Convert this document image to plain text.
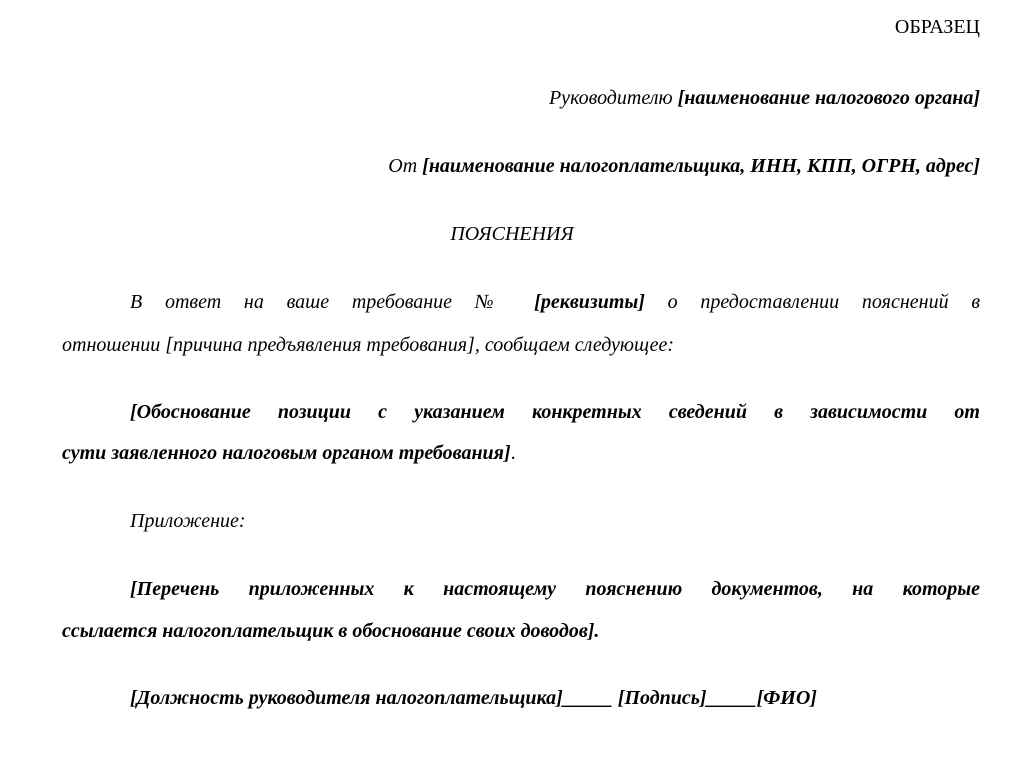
ОБРАЗЕЦ
Руководителю [наименование налогового органа]
От [наименование налогоплательщика, ИНН, КПП, ОГРН, адрес]
ПОЯСНЕНИЯ
В ответ на ваше требование № [реквизиты] о предоставлении пояснений в
отношении [причина предъявления требования], сообщаем следующее:
[Обоснование позиции с указанием конкретных сведений в зависимости от
сути заявленного налоговым органом требования].
Приложение:
[Перечень приложенных к настоящему пояснению документов, на которые
ссылается налогоплательщик в обоснование своих доводов].
[Должность руководителя налогоплательщика]_____ [Подпись]_____[ФИО]
